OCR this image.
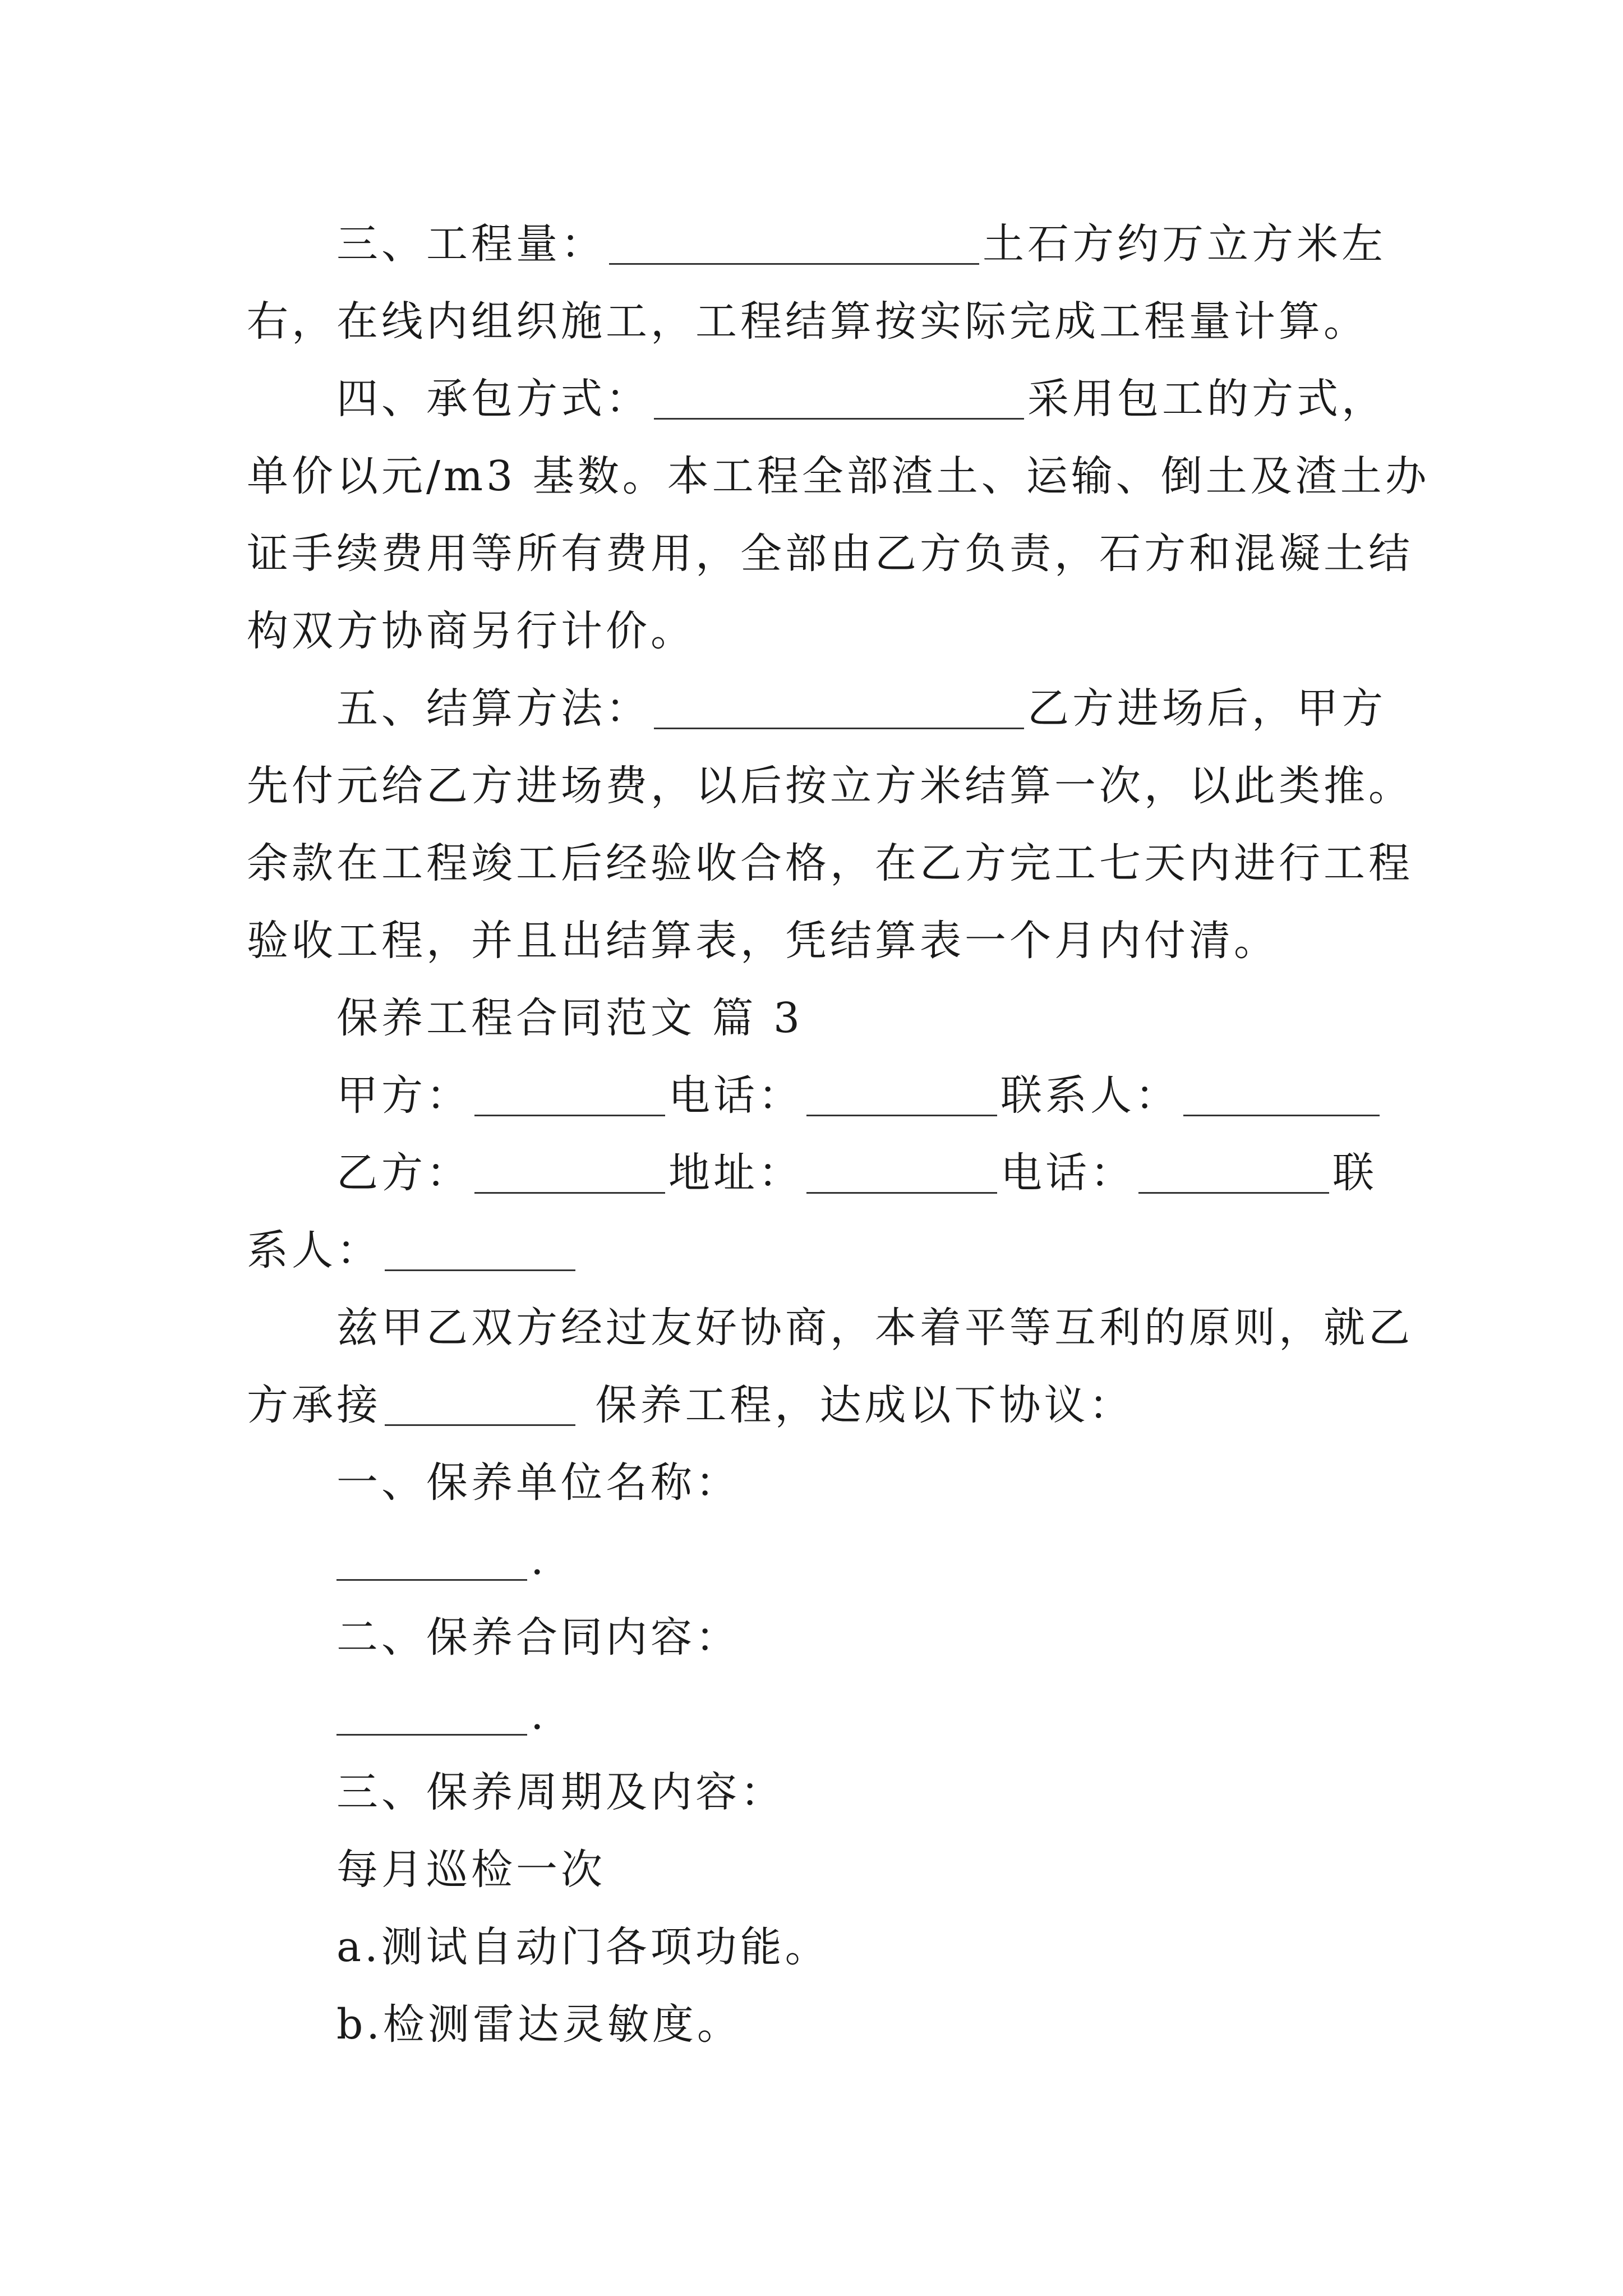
三、工程量：	土石方约万立方米左
右，在线内组织施工，工程结算按实际完成工程量计算。
四、承包方式：	采用包工的方式，
单价以元/m3 基数。本工程全部渣土、运输、倒土及渣土办
证手续费用等所有费用，全部由乙方负责，石方和混凝土结
构双方协商另行计价。
五、结算方法：	乙方进场后，甲方
先付元给乙方进场费，以后按立方米结算一次，以此类推。
余款在工程竣工后经验收合格，在乙方完工七天内进行工程
验收工程，并且出结算表，凭结算表一个月内付清。
保养工程合同范文 篇 3
甲方：	电话：	联系人：
乙方：	地址：	电话：	联
系人：
兹甲乙双方经过友好协商，本着平等互利的原则，就乙
方承接	保养工程，达成以下协议：
一、保养单位名称：
.
二、保养合同内容：
.
三、保养周期及内容：
每月巡检一次
a.测试自动门各项功能。
b.检测雷达灵敏度。
